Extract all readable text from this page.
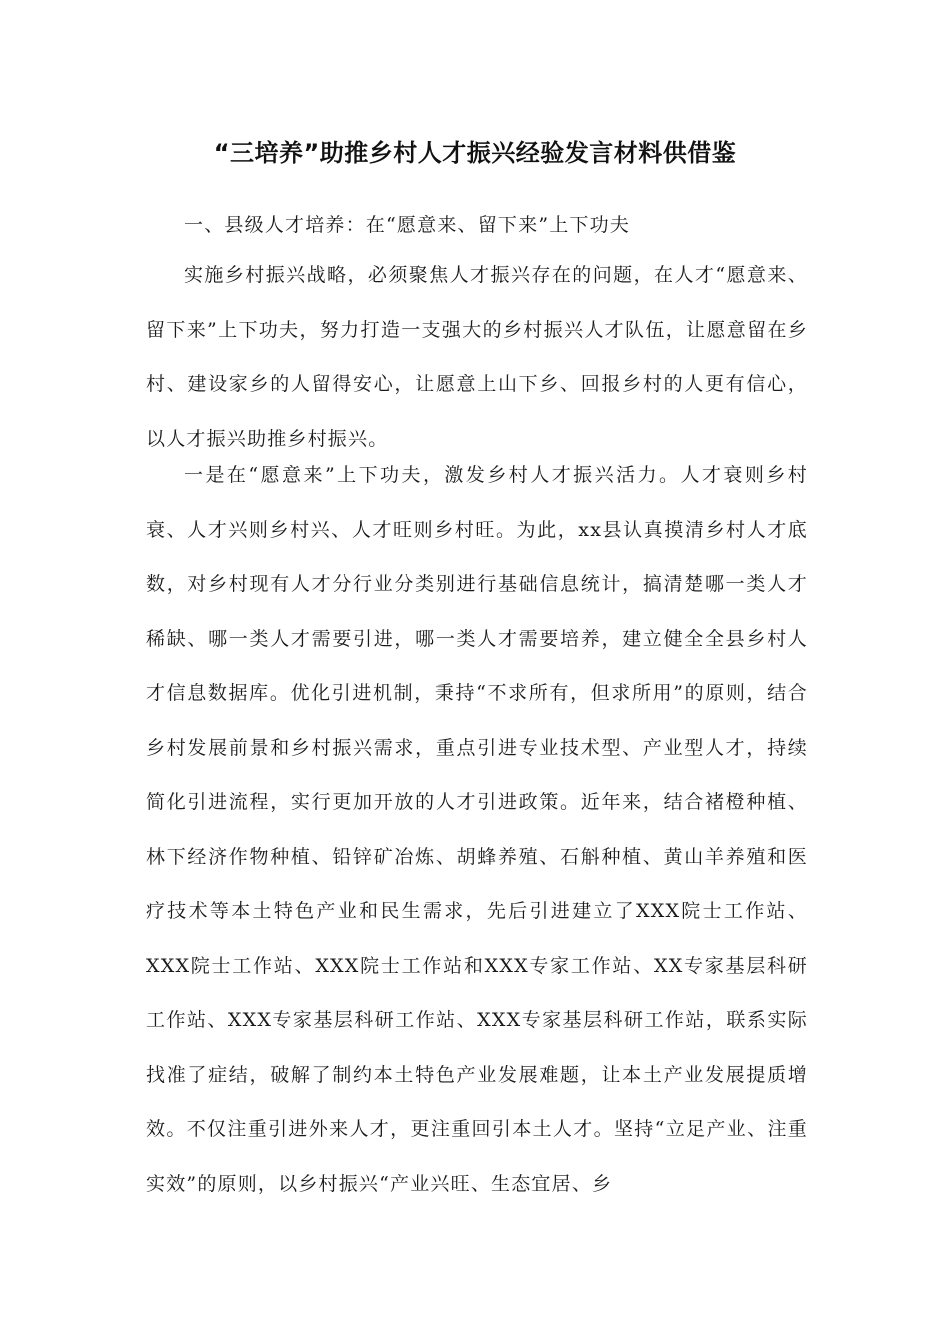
“三培养”助推乡村人才振兴经验发言材料供借鉴

一、县级人才培养：在“愿意来、留下来”上下功夫

实施乡村振兴战略，必须聚焦人才振兴存在的问题，在人才“愿意来、留下来”上下功夫，努力打造一支强大的乡村振兴人才队伍，让愿意留在乡村、建设家乡的人留得安心，让愿意上山下乡、回报乡村的人更有信心，以人才振兴助推乡村振兴。

一是在“愿意来”上下功夫，激发乡村人才振兴活力。人才衰则乡村衰、人才兴则乡村兴、人才旺则乡村旺。为此，xx县认真摸清乡村人才底数，对乡村现有人才分行业分类别进行基础信息统计，搞清楚哪一类人才稀缺、哪一类人才需要引进，哪一类人才需要培养，建立健全全县乡村人才信息数据库。优化引进机制，秉持“不求所有，但求所用”的原则，结合乡村发展前景和乡村振兴需求，重点引进专业技术型、产业型人才，持续简化引进流程，实行更加开放的人才引进政策。近年来，结合褚橙种植、林下经济作物种植、铅锌矿冶炼、胡蜂养殖、石斛种植、黄山羊养殖和医疗技术等本土特色产业和民生需求，先后引进建立了XXX院士工作站、XXX院士工作站、XXX院士工作站和XXX专家工作站、XX专家基层科研工作站、XXX专家基层科研工作站、XXX专家基层科研工作站，联系实际找准了症结，破解了制约本土特色产业发展难题，让本土产业发展提质增效。不仅注重引进外来人才，更注重回引本土人才。坚持“立足产业、注重实效”的原则，以乡村振兴“产业兴旺、生态宜居、乡
